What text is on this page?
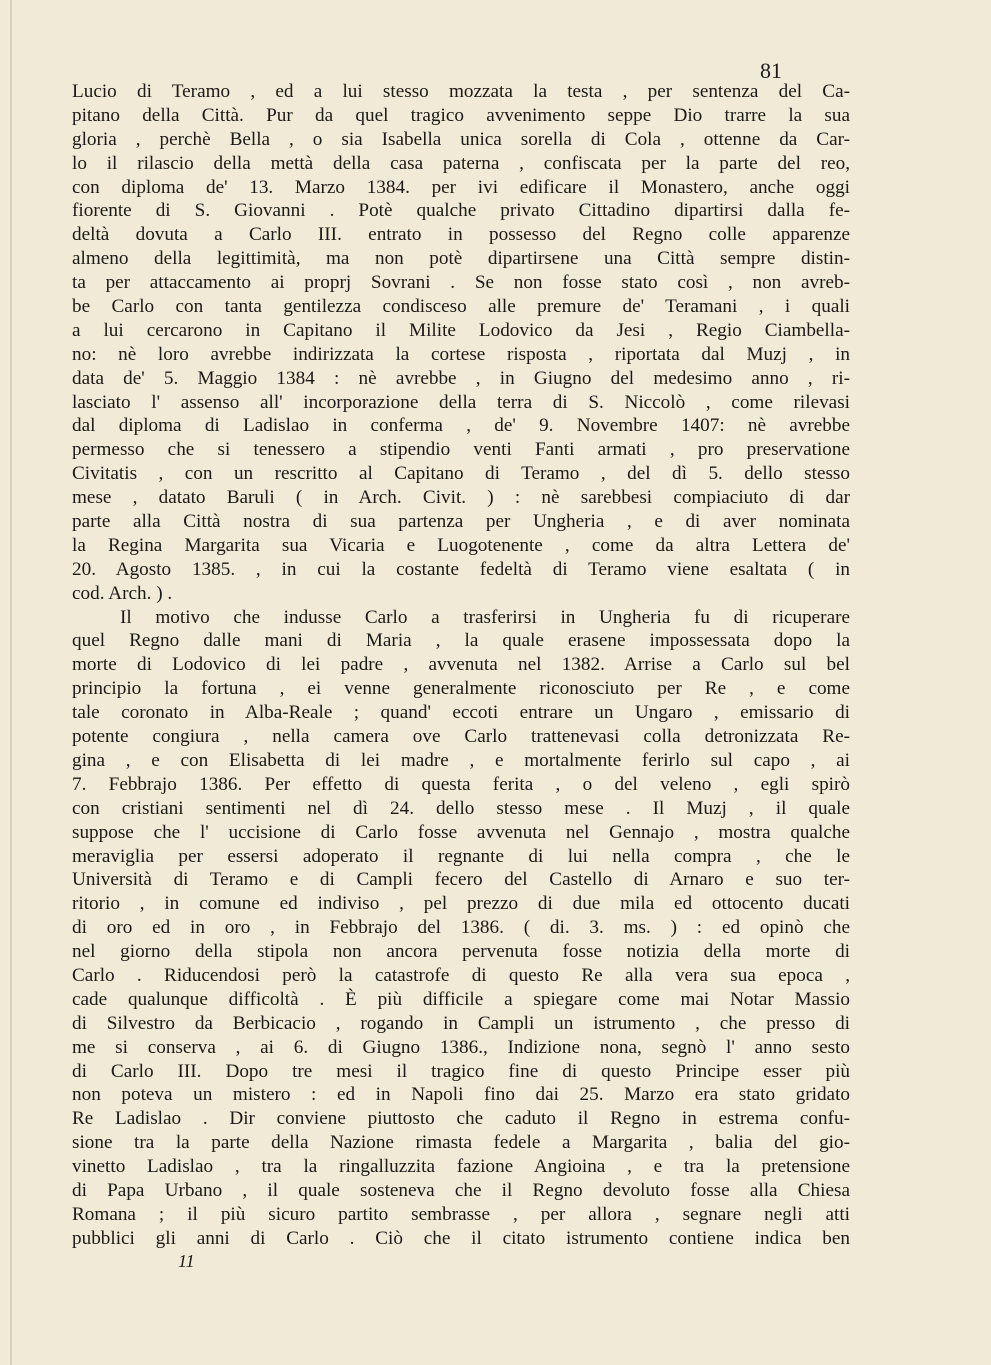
81
Lucio di Teramo , ed a lui stesso mozzata la testa , per sentenza del Ca-
pitano della Città. Pur da quel tragico avvenimento seppe Dio trarre la sua
gloria , perchè Bella , o sia Isabella unica sorella di Cola , ottenne da Car-
lo il rilascio della mettà della casa paterna , confiscata per la parte del reo,
con diploma de' 13. Marzo 1384. per ivi edificare il Monastero, anche oggi
fiorente di S. Giovanni . Potè qualche privato Cittadino dipartirsi dalla fe-
deltà dovuta a Carlo III. entrato in possesso del Regno colle apparenze
almeno della legittimità, ma non potè dipartirsene una Città sempre distin-
ta per attaccamento ai proprj Sovrani . Se non fosse stato così , non avreb-
be Carlo con tanta gentilezza condisceso alle premure de' Teramani , i quali
a lui cercarono in Capitano il Milite Lodovico da Jesi , Regio Ciambella-
no: nè loro avrebbe indirizzata la cortese risposta , riportata dal Muzj , in
data de' 5. Maggio 1384 : nè avrebbe , in Giugno del medesimo anno , ri-
lasciato l' assenso all' incorporazione della terra di S. Niccolò , come rilevasi
dal diploma di Ladislao in conferma , de' 9. Novembre 1407: nè avrebbe
permesso che si tenessero a stipendio venti Fanti armati , pro preservatione
Civitatis , con un rescritto al Capitano di Teramo , del dì 5. dello stesso
mese , datato Baruli ( in Arch. Civit. ) : nè sarebbesi compiaciuto di dar
parte alla Città nostra di sua partenza per Ungheria , e di aver nominata
la Regina Margarita sua Vicaria e Luogotenente , come da altra Lettera de'
20. Agosto 1385. , in cui la costante fedeltà di Teramo viene esaltata ( in
cod. Arch. ) .
Il motivo che indusse Carlo a trasferirsi in Ungheria fu di ricuperare
quel Regno dalle mani di Maria , la quale erasene impossessata dopo la
morte di Lodovico di lei padre , avvenuta nel 1382. Arrise a Carlo sul bel
principio la fortuna , ei venne generalmente riconosciuto per Re , e come
tale coronato in Alba-Reale ; quand' eccoti entrare un Ungaro , emissario di
potente congiura , nella camera ove Carlo trattenevasi colla detronizzata Re-
gina , e con Elisabetta di lei madre , e mortalmente ferirlo sul capo , ai
7. Febbrajo 1386. Per effetto di questa ferita , o del veleno , egli spirò
con cristiani sentimenti nel dì 24. dello stesso mese . Il Muzj , il quale
suppose che l' uccisione di Carlo fosse avvenuta nel Gennajo , mostra qualche
meraviglia per essersi adoperato il regnante di lui nella compra , che le
Università di Teramo e di Campli fecero del Castello di Arnaro e suo ter-
ritorio , in comune ed indiviso , pel prezzo di due mila ed ottocento ducati
di oro ed in oro , in Febbrajo del 1386. ( di. 3. ms. ) : ed opinò che
nel giorno della stipola non ancora pervenuta fosse notizia della morte di
Carlo . Riducendosi però la catastrofe di questo Re alla vera sua epoca ,
cade qualunque difficoltà . È più difficile a spiegare come mai Notar Massio
di Silvestro da Berbicacio , rogando in Campli un istrumento , che presso di
me si conserva , ai 6. di Giugno 1386., Indizione nona, segnò l' anno sesto
di Carlo III. Dopo tre mesi il tragico fine di questo Principe esser più
non poteva un mistero : ed in Napoli fino dai 25. Marzo era stato gridato
Re Ladislao . Dir conviene piuttosto che caduto il Regno in estrema confu-
sione tra la parte della Nazione rimasta fedele a Margarita , balia del gio-
vinetto Ladislao , tra la ringalluzzita fazione Angioina , e tra la pretensione
di Papa Urbano , il quale sosteneva che il Regno devoluto fosse alla Chiesa
Romana ; il più sicuro partito sembrasse , per allora , segnare negli atti
pubblici gli anni di Carlo . Ciò che il citato istrumento contiene indica ben
11
